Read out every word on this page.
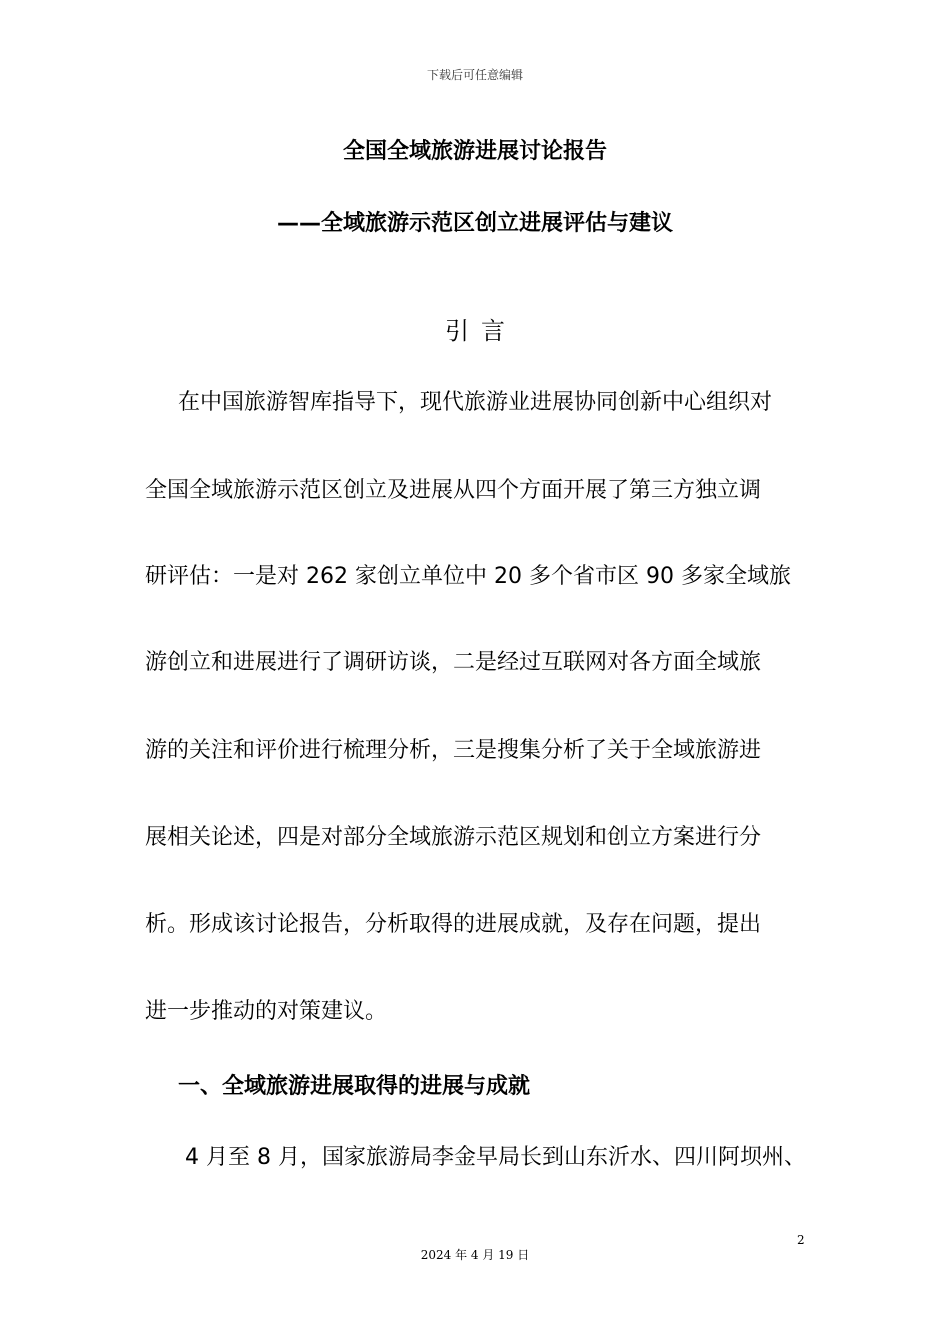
下载后可任意编辑
全国全域旅游进展讨论报告
——全域旅游示范区创立进展评估与建议
引言
在中国旅游智库指导下，现代旅游业进展协同创新中心组织对
全国全域旅游示范区创立及进展从四个方面开展了第三方独立调
研评估：一是对 262 家创立单位中 20 多个省市区 90 多家全域旅
游创立和进展进行了调研访谈，二是经过互联网对各方面全域旅
游的关注和评价进行梳理分析，三是搜集分析了关于全域旅游进
展相关论述，四是对部分全域旅游示范区规划和创立方案进行分
析。形成该讨论报告，分析取得的进展成就，及存在问题，提出
进一步推动的对策建议。
一、全域旅游进展取得的进展与成就
4 月至 8 月，国家旅游局李金早局长到山东沂水、四川阿坝州、
2
2024 年 4 月 19 日
